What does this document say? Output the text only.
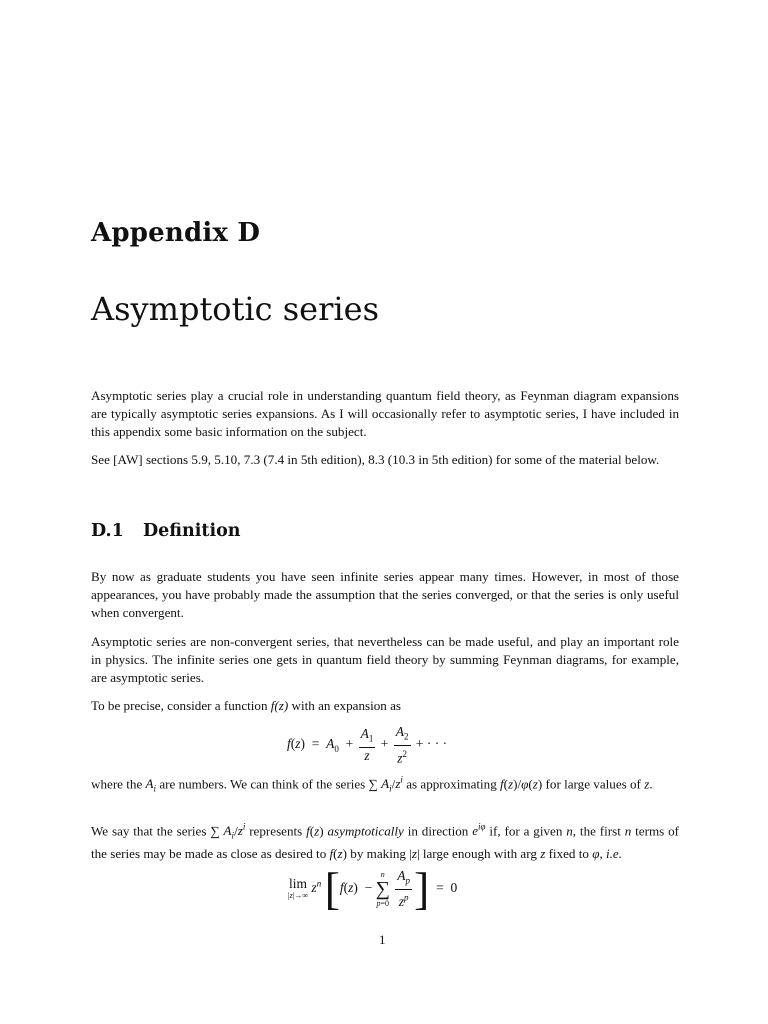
Appendix D
Asymptotic series
Asymptotic series play a crucial role in understanding quantum field theory, as Feynman diagram expansions are typically asymptotic series expansions. As I will occasionally refer to asymptotic series, I have included in this appendix some basic information on the subject.
See [AW] sections 5.9, 5.10, 7.3 (7.4 in 5th edition), 8.3 (10.3 in 5th edition) for some of the material below.
D.1 Definition
By now as graduate students you have seen infinite series appear many times. However, in most of those appearances, you have probably made the assumption that the series converged, or that the series is only useful when convergent.
Asymptotic series are non-convergent series, that nevertheless can be made useful, and play an important role in physics. The infinite series one gets in quantum field theory by summing Feynman diagrams, for example, are asymptotic series.
To be precise, consider a function f(z) with an expansion as
$f(z) = A_0 + \frac{A_1}{z} + \frac{A_2}{z^2}$ + · · ·
where the $A_i$ are numbers. We can think of the series ∑ $A_i/z^i$ as approximating f(z)/φ(z) for large values of z.
We say that the series ∑ $A_i/z^i$ represents f(z) asymptotically in direction $e^{i\varphi}$ if, for a given n, the first n terms of the series may be made as close as desired to f(z) by making |z| large enough with arg z fixed to φ, i.e.
lim
|z|→∞
$z^n$ [f(z)  −
n
∑
p=0
$\frac{A_p}{z^p}$ ]  =  0
1
